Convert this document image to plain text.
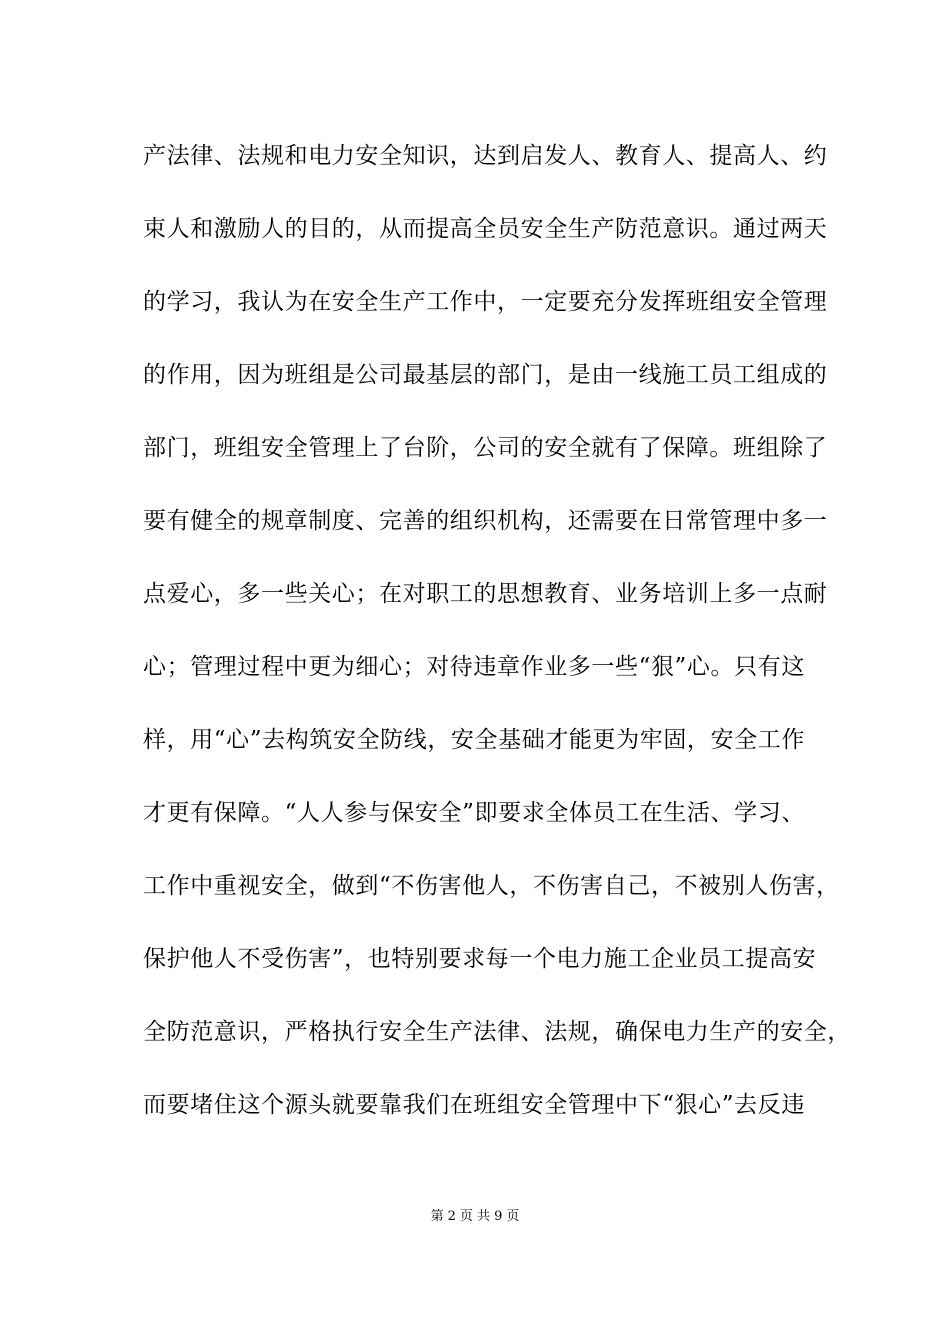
产法律、法规和电力安全知识，达到启发人、教育人、提高人、约
束人和激励人的目的，从而提高全员安全生产防范意识。通过两天
的学习，我认为在安全生产工作中，一定要充分发挥班组安全管理
的作用，因为班组是公司最基层的部门，是由一线施工员工组成的
部门，班组安全管理上了台阶，公司的安全就有了保障。班组除了
要有健全的规章制度、完善的组织机构，还需要在日常管理中多一
点爱心，多一些关心；在对职工的思想教育、业务培训上多一点耐
心；管理过程中更为细心；对待违章作业多一些“狠”心。只有这
样，用“心”去构筑安全防线，安全基础才能更为牢固，安全工作
才更有保障。“人人参与保安全”即要求全体员工在生活、学习、
工作中重视安全，做到“不伤害他人，不伤害自己，不被别人伤害，
保护他人不受伤害”，也特别要求每一个电力施工企业员工提高安
全防范意识，严格执行安全生产法律、法规，确保电力生产的安全，
而要堵住这个源头就要靠我们在班组安全管理中下“狠心”去反违
第 2 页 共 9 页
